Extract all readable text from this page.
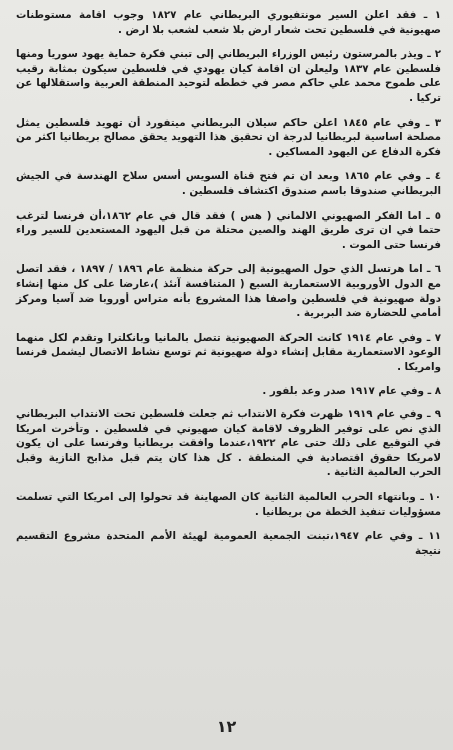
١ ـ فقد اعلن السير مونتفيوري البريطاني عام ١٨٢٧ وجوب اقامة مستوطنات صهيونية في فلسطين تحت شعار ارض بلا شعب لشعب بلا ارض .

٢ ـ ويذر بالمرستون رئيس الوزراء البريطاني إلى تبني فكرة حماية يهود سوريا ومنها فلسطين عام ١٨٣٧ وليعلن ان اقامة كيان يهودي في فلسطين سيكون بمثابة رقيب على طموح محمد علي حاكم مصر في خططه لتوحيد المنطقة العربية واستقلالها عن تركيا .

٣ ـ وفي عام ١٨٤٥ اعلن حاكم سيلان البريطاني ميتفورد أن تهويد فلسطين يمثل مصلحة اساسية لبريطانيا لدرجة ان تحقيق هذا التهويد يحقق مصالح بريطانيا اكثر من فكرة الدفاع عن اليهود المساكين .

٤ ـ وفي عام ١٨٦٥ وبعد ان تم فتح قناة السويس أسس سلاح الهندسة في الجيش البريطاني صندوقا باسم صندوق اكتشاف فلسطين .

٥ ـ اما الفكر الصهيوني الالماني ( هس ) فقد قال في عام ١٨٦٢،أن فرنسا لترغب حتما في ان ترى طريق الهند والصين محتلة من قبل اليهود المستعدين للسير وراء فرنسا حتى الموت .

٦ ـ اما هرتسل الذي حول الصهيونية إلى حركة منظمة عام ١٨٩٦ / ١٨٩٧ ، فقد اتصل مع الدول الأوروبية الاستعمارية السبع ( المتنافسة آنئذ )،عارضا على كل منها إنشاء دولة صهيونية في فلسطين واصفا هذا المشروع بأنه متراس أوروبا ضد آسيا ومركز أمامي للحضارة ضد البربرية .

٧ ـ وفي عام ١٩١٤ كانت الحركة الصهيونية تتصل بالمانيا وبانكلترا وتقدم لكل منهما الوعود الاستعمارية مقابل إنشاء دولة صهيونية ثم توسع نشاط الاتصال ليشمل فرنسا وامريكا .

٨ ـ وفي عام ١٩١٧ صدر وعد بلفور .

٩ ـ وفي عام ١٩١٩ ظهرت فكرة الانتداب ثم جعلت فلسطين تحت الانتداب البريطاني الذي نص على توفير الظروف لاقامة كيان صهيوني في فلسطين . وتأخرت امريكا في التوقيع على ذلك حتى عام ١٩٢٢،عندما وافقت بريطانيا وفرنسا على ان يكون لامريكا حقوق اقتصادية في المنطقة . كل هذا كان يتم قبل مذابح النازية وقبل الحرب العالمية الثانية .

١٠ ـ وبانتهاء الحرب العالمية الثانية كان الصهاينة قد تحولوا إلى امريكا التي تسلمت مسؤوليات تنفيذ الخطة من بريطانيا .

١١ ـ وفي عام ١٩٤٧،تبنت الجمعية العمومية لهيئة الأمم المتحدة مشروع التقسيم نتيجة

١٢
